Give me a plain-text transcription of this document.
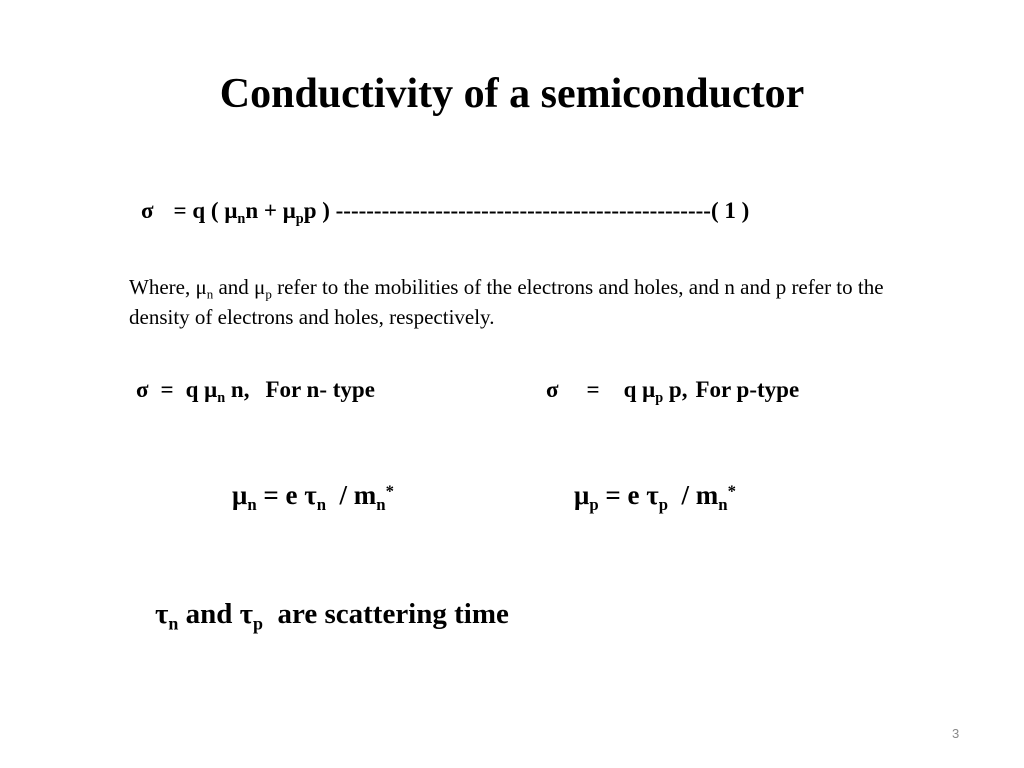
Conductivity of a semiconductor
σ = q ( $\mu_nn + \mu_pp$ ) -------------------------------------------------( 1 )
Where, $\mu_n$ and $\mu_p$ refer to the mobilities of the electrons and holes, and n and p refer to the density of electrons and holes, respectively.
σ = q $\mu_n$ n, For n- type	σ = q $\mu_p$ p, For p-type
$\mu_n = e$ $\tau_n / m_n^*$	$\mu_p = e$ $\tau_p / m_n^*$
$\tau_n$ and $\tau_p$  are scattering time
3
